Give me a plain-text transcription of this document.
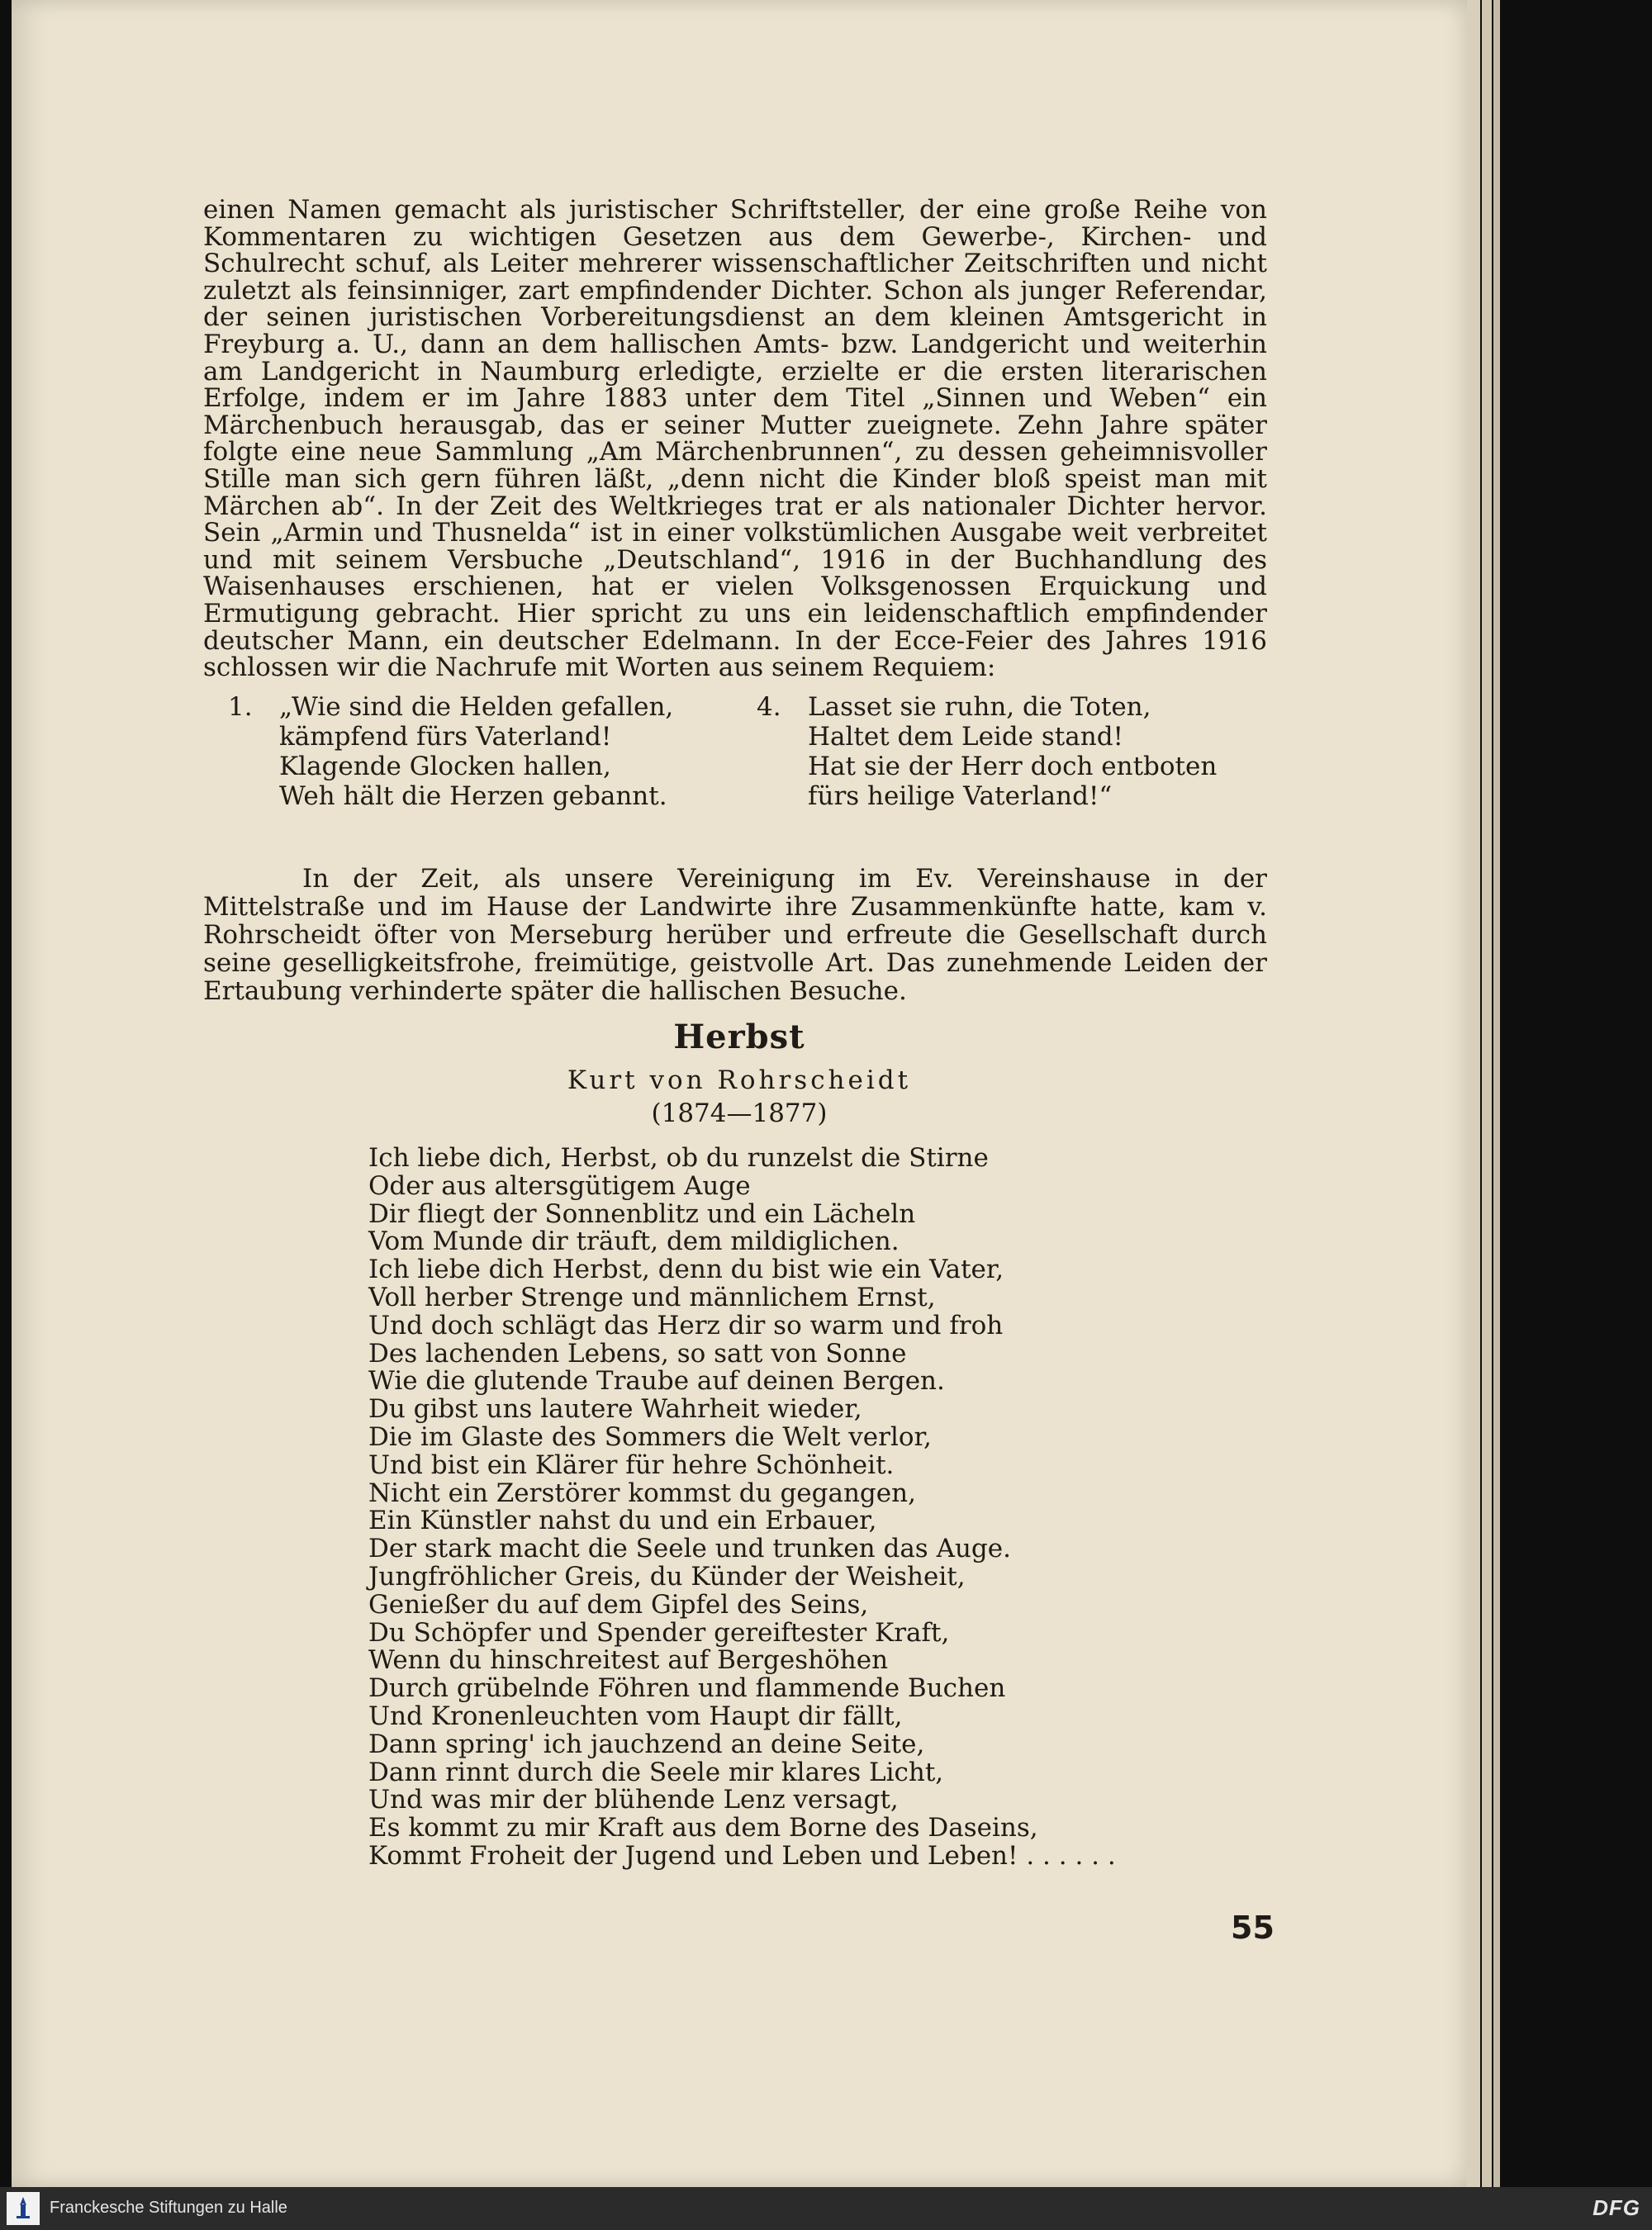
einen Namen gemacht als juristischer Schriftsteller, der eine große Reihe von Kommentaren zu wichtigen Gesetzen aus dem Gewerbe-, Kirchen- und Schulrecht schuf, als Leiter mehrerer wissenschaftlicher Zeitschriften und nicht zuletzt als feinsinniger, zart empfindender Dichter. Schon als junger Referendar, der seinen juristischen Vorbereitungsdienst an dem kleinen Amtsgericht in Freyburg a. U., dann an dem hallischen Amts- bzw. Landgericht und weiterhin am Landgericht in Naumburg erledigte, erzielte er die ersten literarischen Erfolge, indem er im Jahre 1883 unter dem Titel „Sinnen und Weben“ ein Märchenbuch herausgab, das er seiner Mutter zueignete. Zehn Jahre später folgte eine neue Sammlung „Am Märchenbrunnen“, zu dessen geheimnisvoller Stille man sich gern führen läßt, „denn nicht die Kinder bloß speist man mit Märchen ab“. In der Zeit des Weltkrieges trat er als nationaler Dichter hervor. Sein „Armin und Thusnelda“ ist in einer volkstümlichen Ausgabe weit verbreitet und mit seinem Versbuche „Deutschland“, 1916 in der Buchhandlung des Waisenhauses erschienen, hat er vielen Volksgenossen Erquickung und Ermutigung gebracht. Hier spricht zu uns ein leidenschaftlich empfindender deutscher Mann, ein deutscher Edelmann. In der Ecce-Feier des Jahres 1916 schlossen wir die Nachrufe mit Worten aus seinem Requiem:

1. „Wie sind die Helden gefallen,
kämpfend fürs Vaterland!
Klagende Glocken hallen,
Weh hält die Herzen gebannt.
4. Lasset sie ruhn, die Toten,
Haltet dem Leide stand!
Hat sie der Herr doch entboten
fürs heilige Vaterland!“

In der Zeit, als unsere Vereinigung im Ev. Vereinshause in der Mittelstraße und im Hause der Landwirte ihre Zusammenkünfte hatte, kam v. Rohrscheidt öfter von Merseburg herüber und erfreute die Gesellschaft durch seine geselligkeitsfrohe, freimütige, geistvolle Art. Das zunehmende Leiden der Ertaubung verhinderte später die hallischen Besuche.

Herbst
Kurt von Rohrscheidt
(1874—1877)
Ich liebe dich, Herbst, ob du runzelst die Stirne
Oder aus altersgütigem Auge
Dir fliegt der Sonnenblitz und ein Lächeln
Vom Munde dir träuft, dem mildiglichen.
Ich liebe dich Herbst, denn du bist wie ein Vater,
Voll herber Strenge und männlichem Ernst,
Und doch schlägt das Herz dir so warm und froh
Des lachenden Lebens, so satt von Sonne
Wie die glutende Traube auf deinen Bergen.
Du gibst uns lautere Wahrheit wieder,
Die im Glaste des Sommers die Welt verlor,
Und bist ein Klärer für hehre Schönheit.
Nicht ein Zerstörer kommst du gegangen,
Ein Künstler nahst du und ein Erbauer,
Der stark macht die Seele und trunken das Auge.
Jungfröhlicher Greis, du Künder der Weisheit,
Genießer du auf dem Gipfel des Seins,
Du Schöpfer und Spender gereiftester Kraft,
Wenn du hinschreitest auf Bergeshöhen
Durch grübelnde Föhren und flammende Buchen
Und Kronenleuchten vom Haupt dir fällt,
Dann spring' ich jauchzend an deine Seite,
Dann rinnt durch die Seele mir klares Licht,
Und was mir der blühende Lenz versagt,
Es kommt zu mir Kraft aus dem Borne des Daseins,
Kommt Froheit der Jugend und Leben und Leben! . . . . . .
55
Franckesche Stiftungen zu Halle	DFG
